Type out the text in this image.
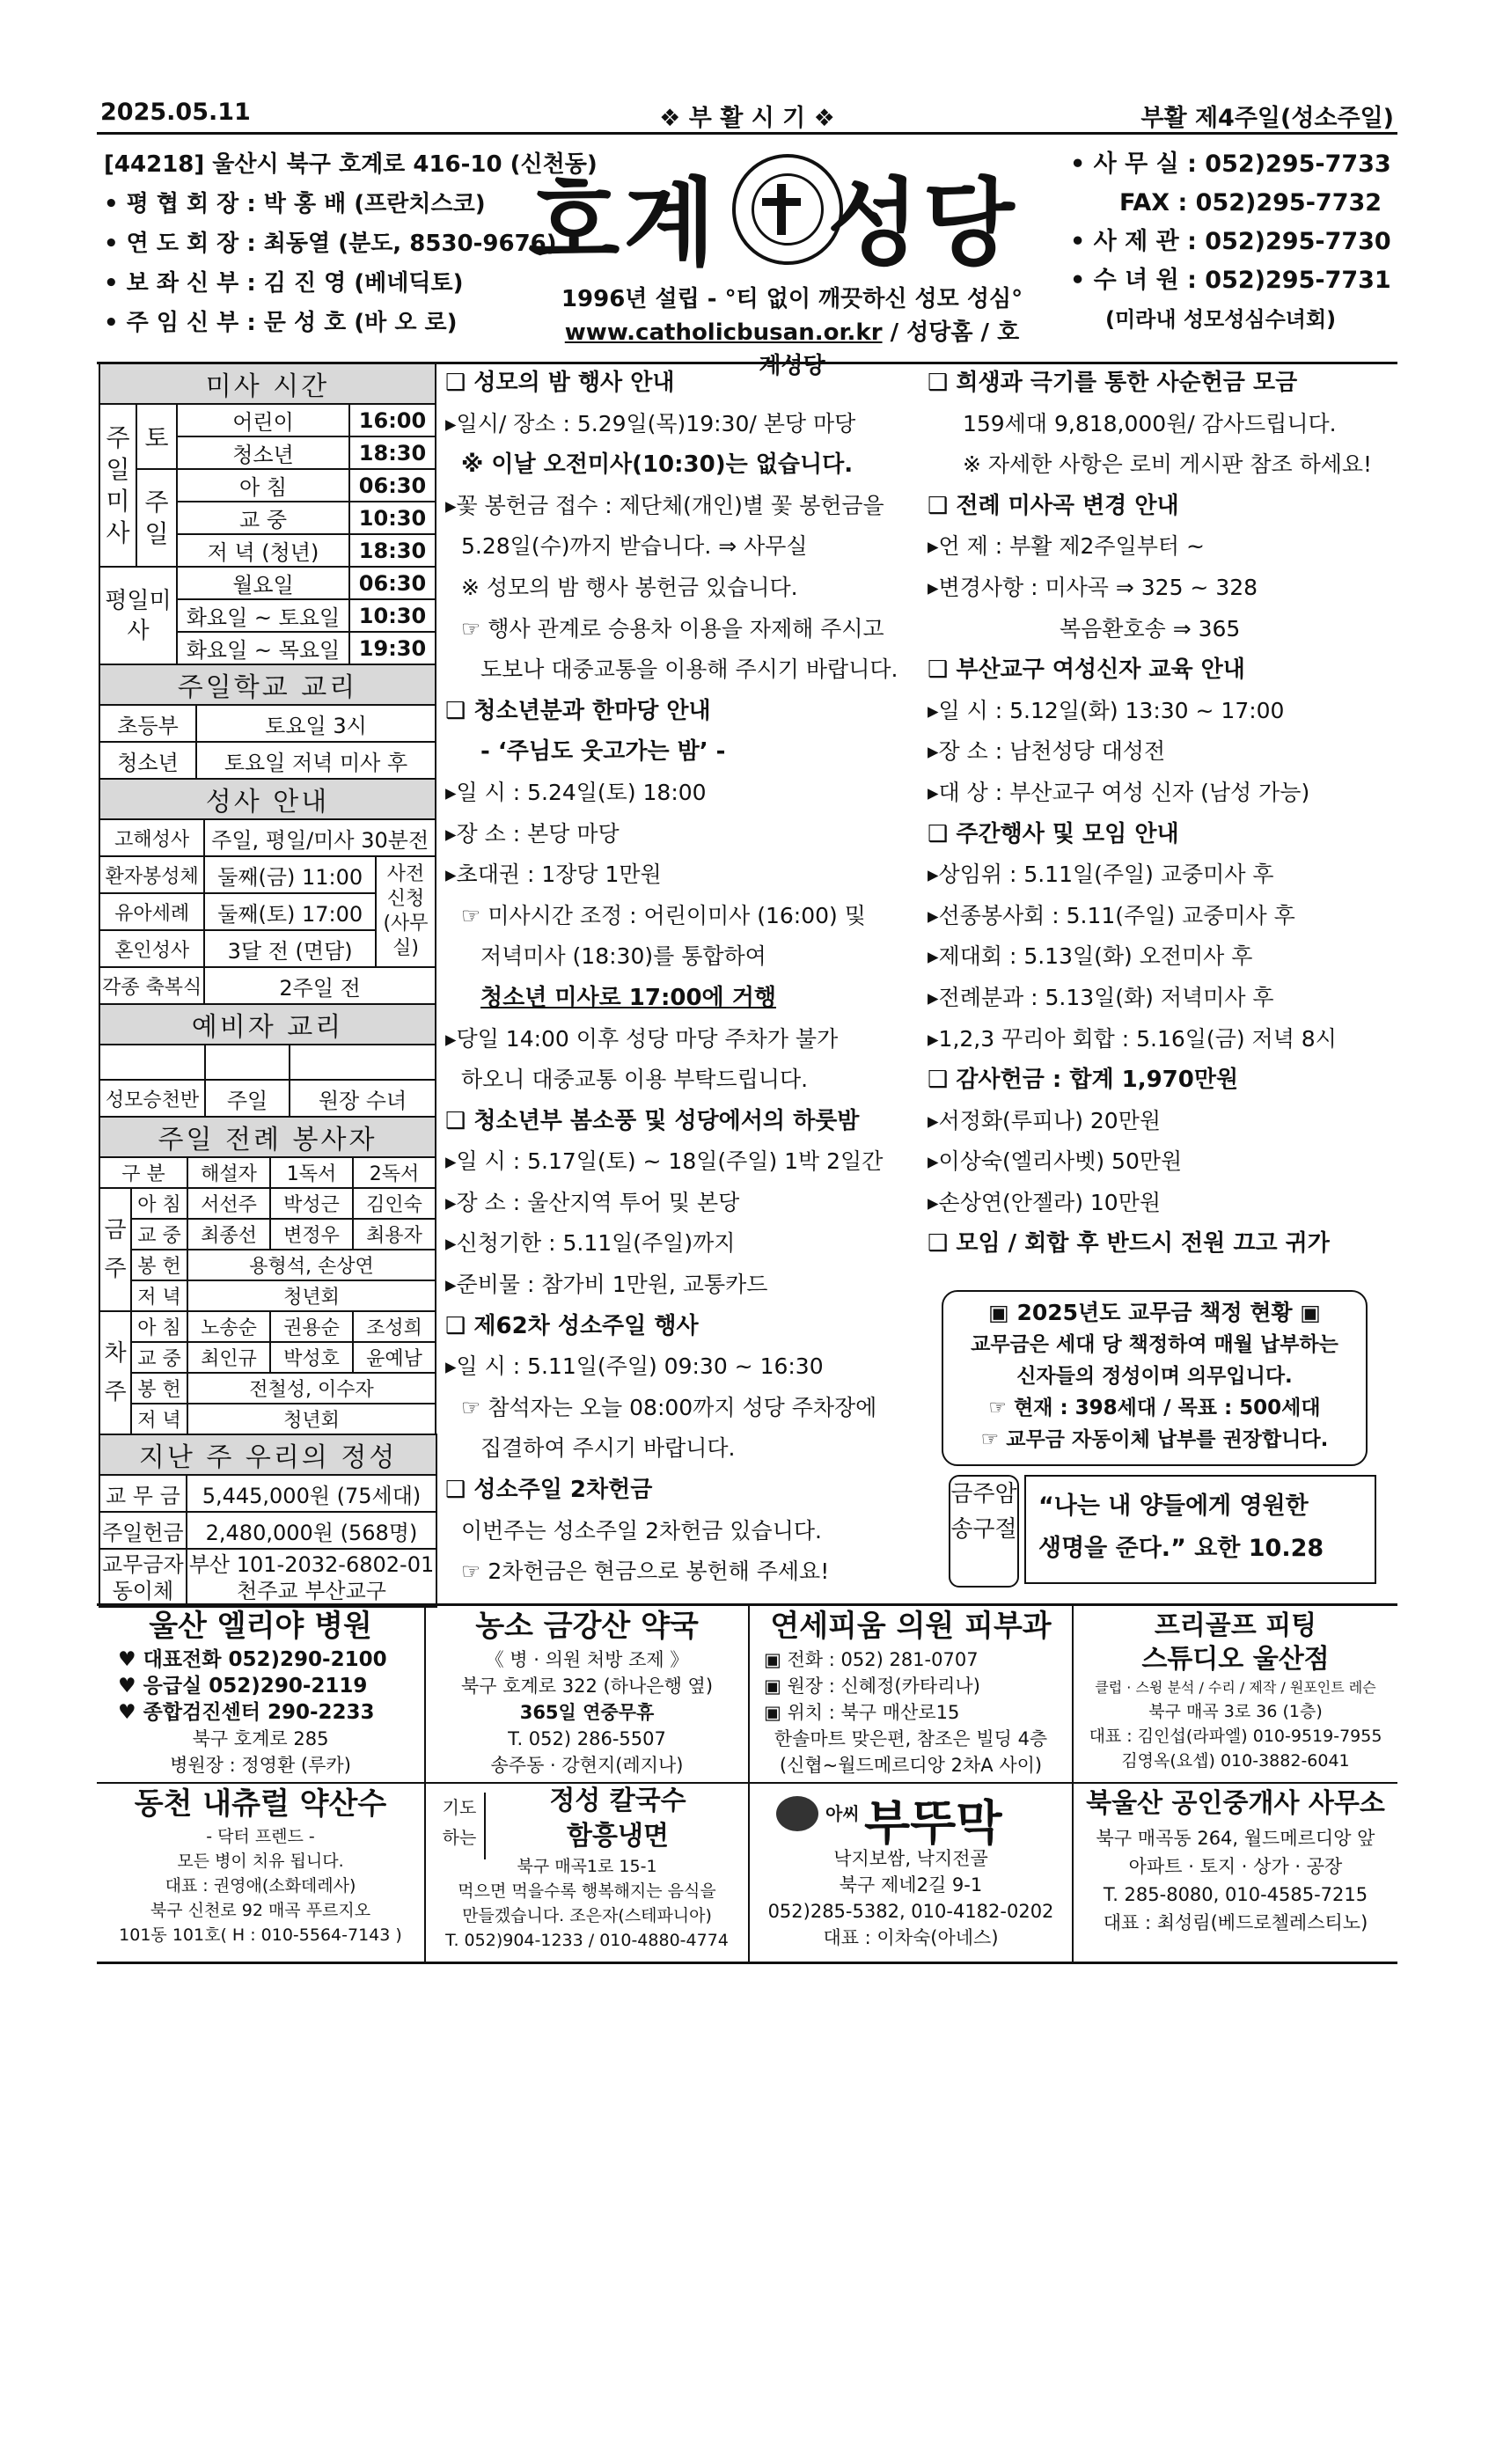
2025.05.11	❖ 부 활 시 기 ❖	부활 제4주일(성소주일)
[44218] 울산시 북구 호계로 416-10 (신천동)
• 평 협 회 장 : 박 홍 배 (프란치스코)
• 연 도 회 장 : 최동열 (분도, 8530-9676)
• 보 좌 신 부 : 김 진 영 (베네딕토)
• 주 임 신 부 : 문 성 호 (바 오 로)
호계 성당
1996년 설립 - °티 없이 깨끗하신 성모 성심°
www.catholicbusan.or.kr / 성당홈 / 호계성당
• 사 무 실 : 052)295-7733
FAX : 052)295-7732
• 사 제 관 : 052)295-7730
• 수 녀 원 : 052)295-7731
(미라내 성모성심수녀회)
미사 시간			
주일미사	토	어린이	16:00
		청소년	18:30
	주일	아 침	06:30
		교 중	10:30
		저 녁 (청년)	18:30
평일미사		월요일	06:30
		화요일 ~ 토요일	10:30
		화요일 ~ 목요일	19:30
주일학교 교리	
초등부	토요일 3시
청소년	토요일 저녁 미사 후
성사 안내		
고해성사	주일, 평일/미사 30분전	
환자봉성체	둘째(금) 11:00	사전신청(사무실)
유아세례	둘째(토) 17:00	
혼인성사	3달 전 (면담)	
각종 축복식	2주일 전	
예비자 교리		

성모승천반	주일	원장 수녀
주일 전례 봉사자				
구 분		해설자	1독서	2독서
금주	아 침	서선주	박성근	김인숙
	교 중	최종선	변정우	최용자
	봉 헌	용형석, 손상연		
	저 녁	청년회		
차주	아 침	노송순	권용순	조성희
	교 중	최인규	박성호	윤예남
	봉 헌	전철성, 이수자		
	저 녁	청년회		
지난 주 우리의 정성	
교 무 금	5,445,000원 (75세대)
주일헌금	2,480,000원 (568명)
교무금자동이체	부산 101-2032-6802-01
천주교 부산교구
❑ 성모의 밤 행사 안내
▸일시/ 장소 : 5.29일(목)19:30/ 본당 마당
※ 이날 오전미사(10:30)는 없습니다.
▸꽃 봉헌금 접수 : 제단체(개인)별 꽃 봉헌금을
5.28일(수)까지 받습니다. ⇒ 사무실
※ 성모의 밤 행사 봉헌금 있습니다.
☞ 행사 관계로 승용차 이용을 자제해 주시고
도보나 대중교통을 이용해 주시기 바랍니다.
❑ 청소년분과 한마당 안내
- ‘주님도 웃고가는 밤’ -
▸일 시 : 5.24일(토) 18:00
▸장 소 : 본당 마당
▸초대권 : 1장당 1만원
☞ 미사시간 조정 : 어린이미사 (16:00) 및
저녁미사 (18:30)를 통합하여
청소년 미사로 17:00에 거행
▸당일 14:00 이후 성당 마당 주차가 불가
하오니 대중교통 이용 부탁드립니다.
❑ 청소년부 봄소풍 및 성당에서의 하룻밤
▸일 시 : 5.17일(토) ~ 18일(주일) 1박 2일간
▸장 소 : 울산지역 투어 및 본당
▸신청기한 : 5.11일(주일)까지
▸준비물 : 참가비 1만원, 교통카드
❑ 제62차 성소주일 행사
▸일 시 : 5.11일(주일) 09:30 ~ 16:30
☞ 참석자는 오늘 08:00까지 성당 주차장에
집결하여 주시기 바랍니다.
❑ 성소주일 2차헌금
이번주는 성소주일 2차헌금 있습니다.
☞ 2차헌금은 현금으로 봉헌해 주세요!
❑ 희생과 극기를 통한 사순헌금 모금
159세대 9,818,000원/ 감사드립니다.
※ 자세한 사항은 로비 게시판 참조 하세요!
❑ 전례 미사곡 변경 안내
▸언 제 : 부활 제2주일부터 ~
▸변경사항 : 미사곡 ⇒ 325 ~ 328
복음환호송 ⇒ 365
❑ 부산교구 여성신자 교육 안내
▸일 시 : 5.12일(화) 13:30 ~ 17:00
▸장 소 : 남천성당 대성전
▸대 상 : 부산교구 여성 신자 (남성 가능)
❑ 주간행사 및 모임 안내
▸상임위 : 5.11일(주일) 교중미사 후
▸선종봉사회 : 5.11(주일) 교중미사 후
▸제대회 : 5.13일(화) 오전미사 후
▸전례분과 : 5.13일(화) 저녁미사 후
▸1,2,3 꾸리아 회합 : 5.16일(금) 저녁 8시
❑ 감사헌금 : 합계 1,970만원
▸서정화(루피나) 20만원
▸이상숙(엘리사벳) 50만원
▸손상연(안젤라) 10만원
❑ 모임 / 회합 후 반드시 전원 끄고 귀가
▣ 2025년도 교무금 책정 현황 ▣
교무금은 세대 당 책정하여 매월 납부하는
신자들의 정성이며 의무입니다.
☞ 현재 : 398세대 / 목표 : 500세대
☞ 교무금 자동이체 납부를 권장합니다.
금주암송구절
“나는 내 양들에게 영원한
생명을 준다.” 요한 10.28
울산 엘리야 병원
♥ 대표전화 052)290-2100
♥ 응급실 052)290-2119
♥ 종합검진센터 290-2233
북구 호계로 285
병원장 : 정영환 (루카)
농소 금강산 약국
《 병 · 의원 처방 조제 》
북구 호계로 322 (하나은행 옆)
365일 연중무휴
T. 052) 286-5507
송주동 · 강현지(레지나)
연세피움 의원 피부과
▣ 전화 : 052) 281-0707
▣ 원장 : 신혜정(카타리나)
▣ 위치 : 북구 매산로15
한솔마트 맞은편, 참조은 빌딩 4층
(신협~월드메르디앙 2차A 사이)
프리골프 피팅
스튜디오 울산점
클럽 · 스윙 분석 / 수리 / 제작 / 원포인트 레슨
북구 매곡 3로 36 (1층)
대표 : 김인섭(라파엘) 010-9519-7955
김영옥(요셉) 010-3882-6041
동천 내츄럴 약산수
- 닥터 프렌드 -
모든 병이 치유 됩니다.
대표 : 권영애(소화데레사)
북구 신천로 92 매곡 푸르지오
101동 101호( H : 010-5564-7143 )
기도하는
정성 칼국수
함흥냉면
북구 매곡1로 15-1
먹으면 먹을수록 행복해지는 음식을
만들겠습니다. 조은자(스테파니아)
T. 052)904-1233 / 010-4880-4774
아씨 부뚜막
낙지보쌈, 낙지전골
북구 제네2길 9-1
052)285-5382, 010-4182-0202
대표 : 이차숙(아네스)
북울산 공인중개사 사무소
북구 매곡동 264, 월드메르디앙 앞
아파트 · 토지 · 상가 · 공장
T. 285-8080, 010-4585-7215
대표 : 최성림(베드로첼레스티노)
